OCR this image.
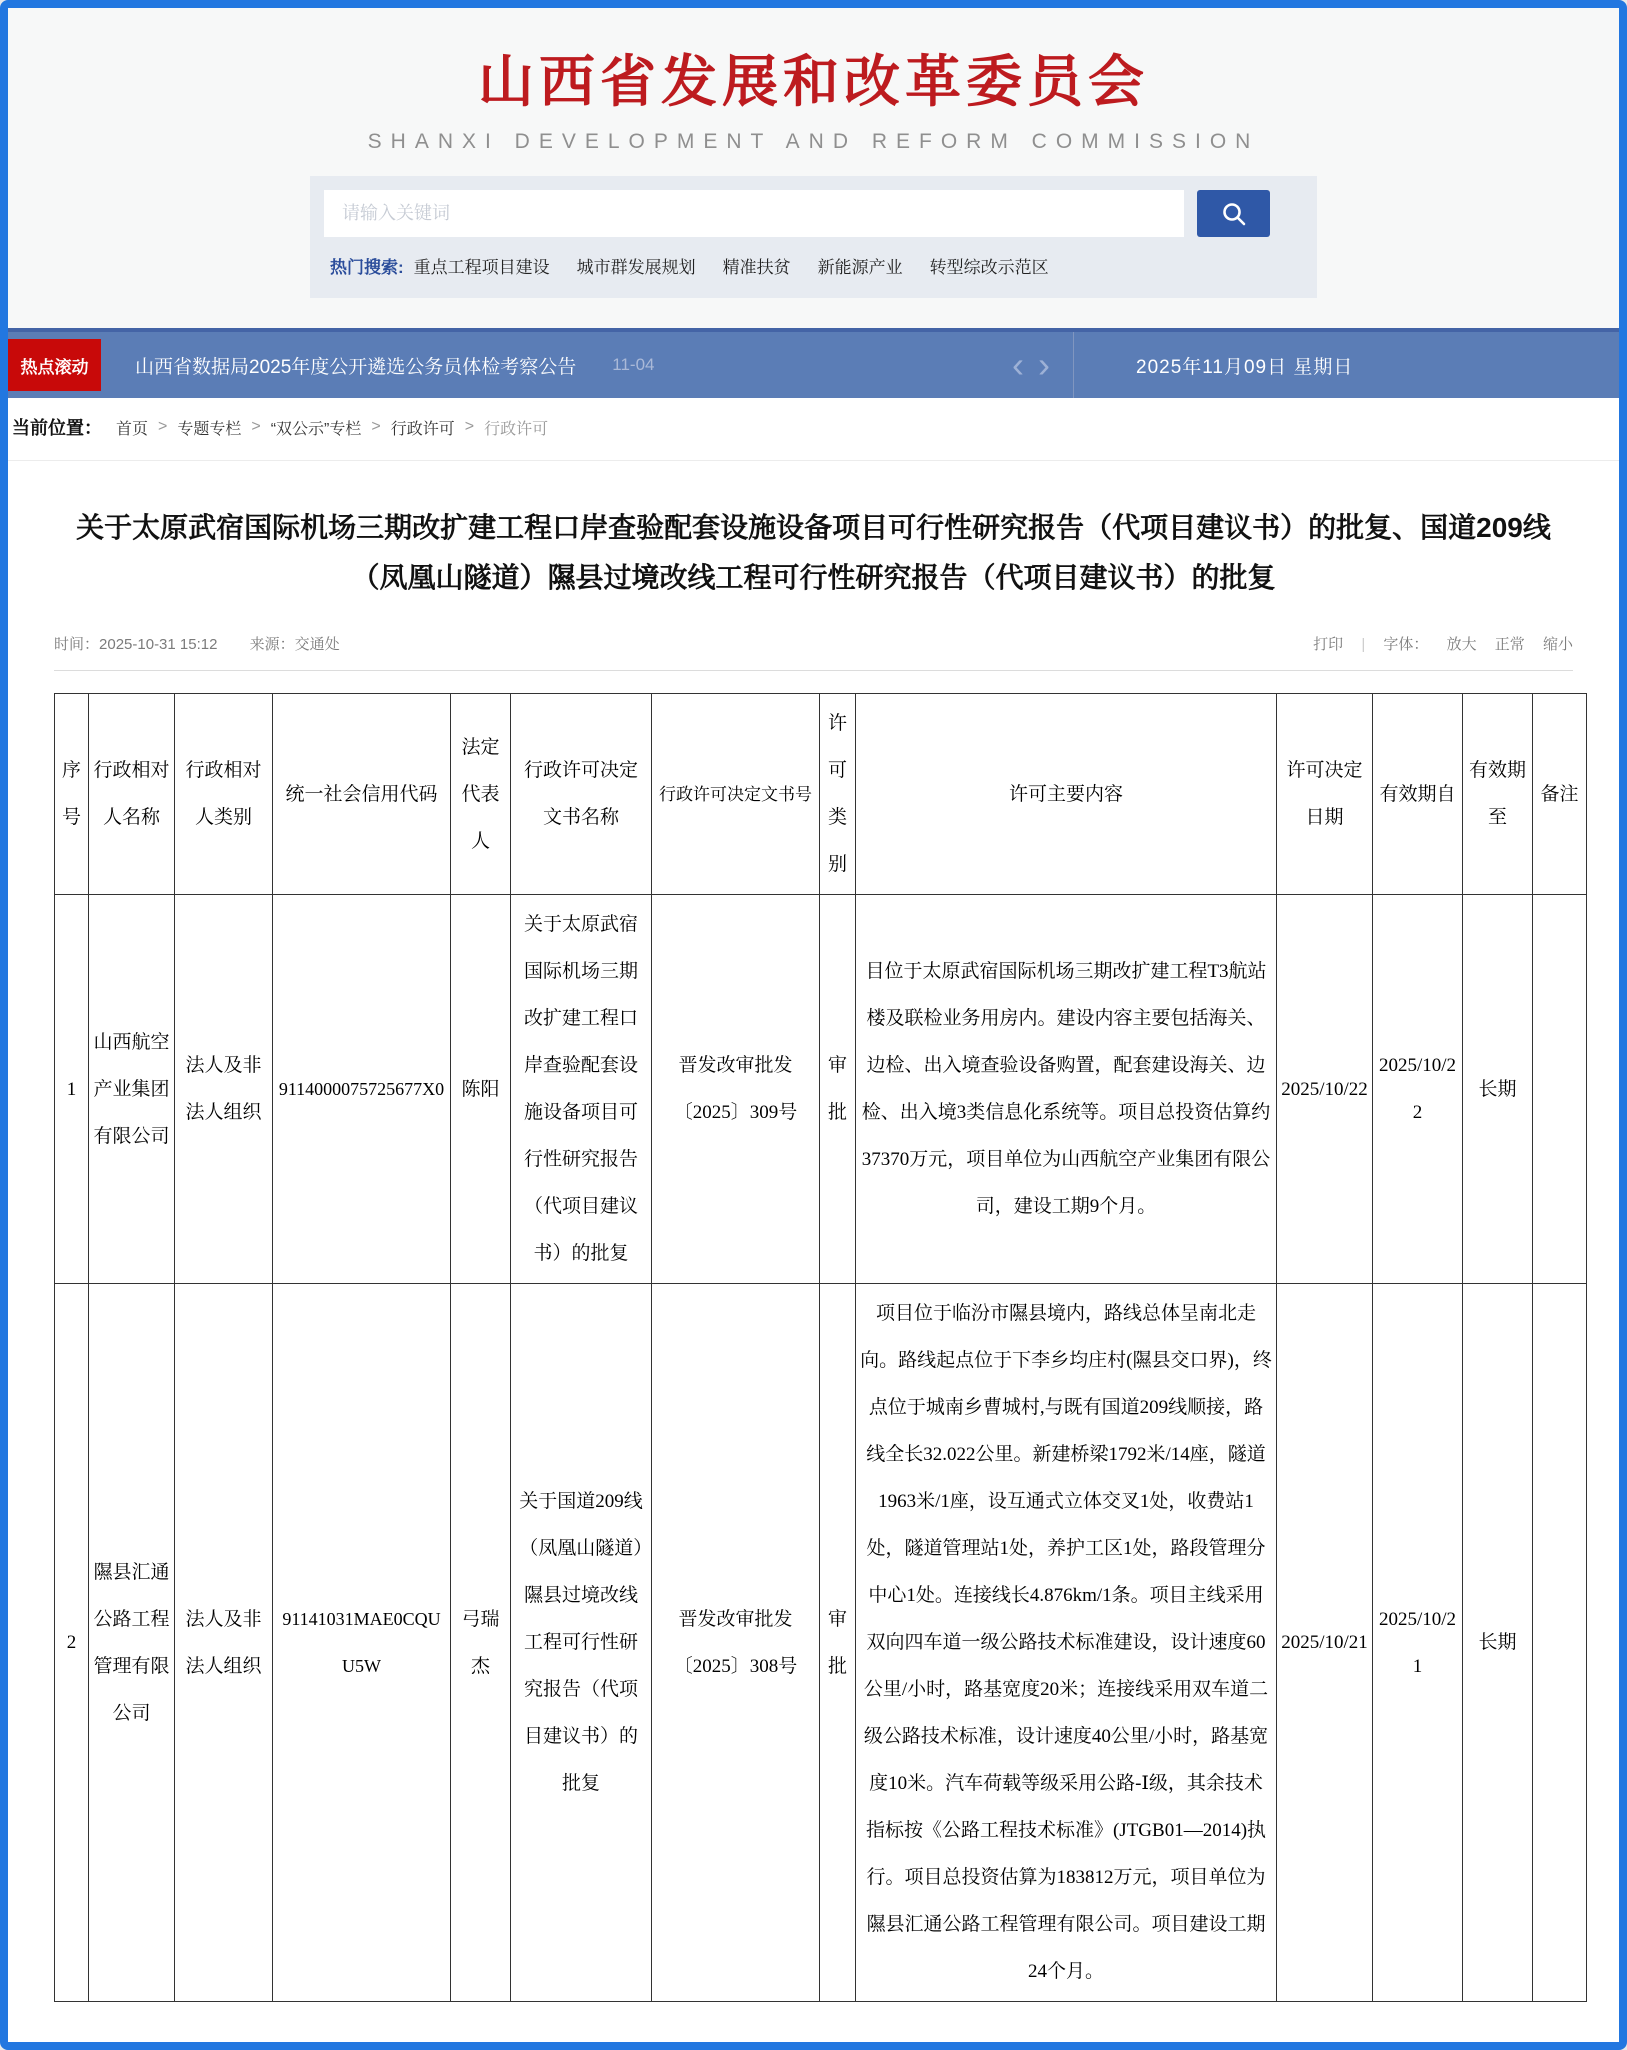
山西省发展和改革委员会
SHANXI DEVELOPMENT AND REFORM COMMISSION
请输入关键词
热门搜索: 重点工程项目建设 城市群发展规划 精准扶贫 新能源产业 转型综改示范区
热点滚动	山西省数据局2025年度公开遴选公务员体检考察公告 11-04	‹ ›	2025年11月09日 星期日
当前位置： 首页 > 专题专栏 > “双公示”专栏 > 行政许可 > 行政许可
关于太原武宿国际机场三期改扩建工程口岸查验配套设施设备项目可行性研究报告（代项目建议书）的批复、国道209线（凤凰山隧道）隰县过境改线工程可行性研究报告（代项目建议书）的批复
时间：2025-10-31 15:12 来源：交通处	打印 | 字体： 放大 正常 缩小
序号	行政相对人名称	行政相对人类别	统一社会信用代码	法定代表人	行政许可决定文书名称	行政许可决定文书号	许可类别	许可主要内容	许可决定日期	有效期自	有效期至	备注
1	山西航空产业集团有限公司	法人及非法人组织	9114000075725677X0	陈阳	关于太原武宿国际机场三期改扩建工程口岸查验配套设施设备项目可行性研究报告（代项目建议书）的批复	晋发改审批发〔2025〕309号	审批	目位于太原武宿国际机场三期改扩建工程T3航站楼及联检业务用房内。建设内容主要包括海关、边检、出入境查验设备购置，配套建设海关、边检、出入境3类信息化系统等。项目总投资估算约37370万元，项目单位为山西航空产业集团有限公司，建设工期9个月。	2025/10/22	2025/10/22	长期	
2	隰县汇通公路工程管理有限公司	法人及非法人组织	91141031MAE0CQUU5W	弓瑞杰	关于国道209线（凤凰山隧道）隰县过境改线工程可行性研究报告（代项目建议书）的批复	晋发改审批发〔2025〕308号	审批	项目位于临汾市隰县境内，路线总体呈南北走向。路线起点位于下李乡均庄村(隰县交口界)，终点位于城南乡曹城村,与既有国道209线顺接，路线全长32.022公里。新建桥梁1792米/14座，隧道1963米/1座，设互通式立体交叉1处，收费站1处，隧道管理站1处，养护工区1处，路段管理分中心1处。连接线长4.876km/1条。项目主线采用双向四车道一级公路技术标准建设，设计速度60公里/小时，路基宽度20米；连接线采用双车道二级公路技术标准，设计速度40公里/小时，路基宽度10米。汽车荷载等级采用公路-Ⅰ级，其余技术指标按《公路工程技术标准》(JTGB01—2014)执行。项目总投资估算为183812万元，项目单位为隰县汇通公路工程管理有限公司。项目建设工期24个月。	2025/10/21	2025/10/21	长期	
